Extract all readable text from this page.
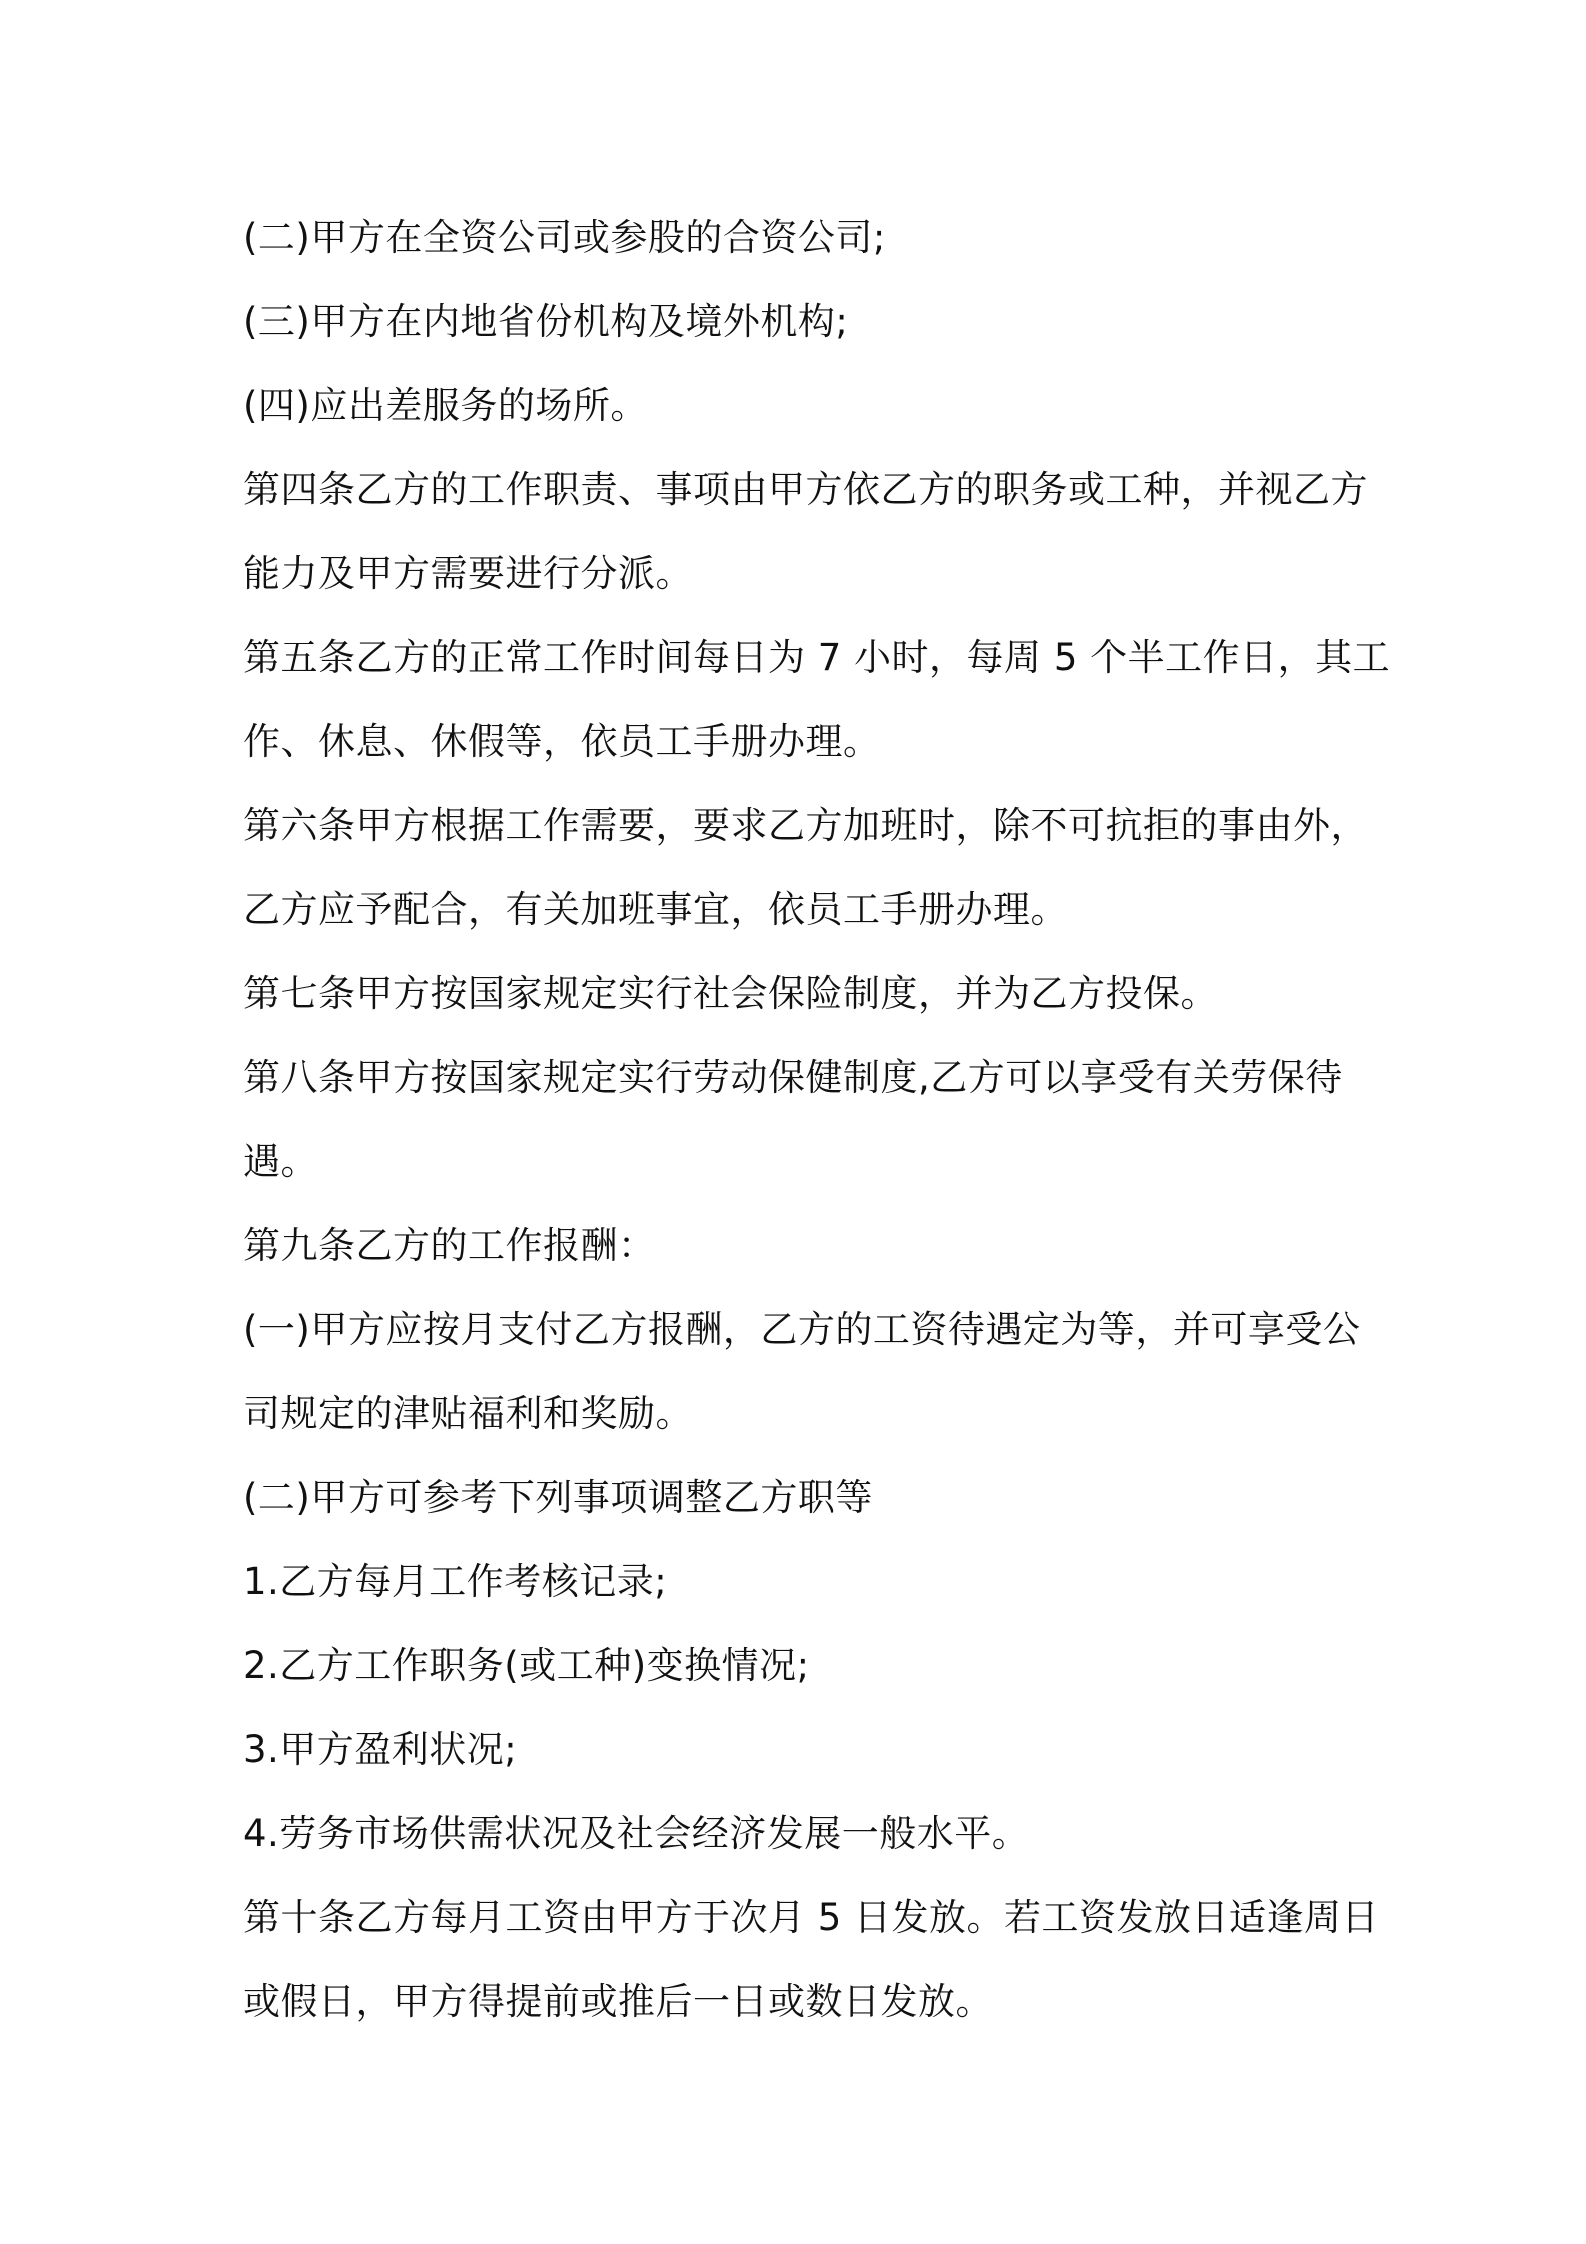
(二)甲方在全资公司或参股的合资公司;
(三)甲方在内地省份机构及境外机构;
(四)应出差服务的场所。
第四条乙方的工作职责、事项由甲方依乙方的职务或工种，并视乙方
能力及甲方需要进行分派。
第五条乙方的正常工作时间每日为 7 小时，每周 5 个半工作日，其工
作、休息、休假等，依员工手册办理。
第六条甲方根据工作需要，要求乙方加班时，除不可抗拒的事由外，
乙方应予配合，有关加班事宜，依员工手册办理。
第七条甲方按国家规定实行社会保险制度，并为乙方投保。
第八条甲方按国家规定实行劳动保健制度,乙方可以享受有关劳保待
遇。
第九条乙方的工作报酬：
(一)甲方应按月支付乙方报酬，乙方的工资待遇定为等，并可享受公
司规定的津贴福利和奖励。
(二)甲方可参考下列事项调整乙方职等
1.乙方每月工作考核记录;
2.乙方工作职务(或工种)变换情况;
3.甲方盈利状况;
4.劳务市场供需状况及社会经济发展一般水平。
第十条乙方每月工资由甲方于次月 5 日发放。若工资发放日适逢周日
或假日，甲方得提前或推后一日或数日发放。
